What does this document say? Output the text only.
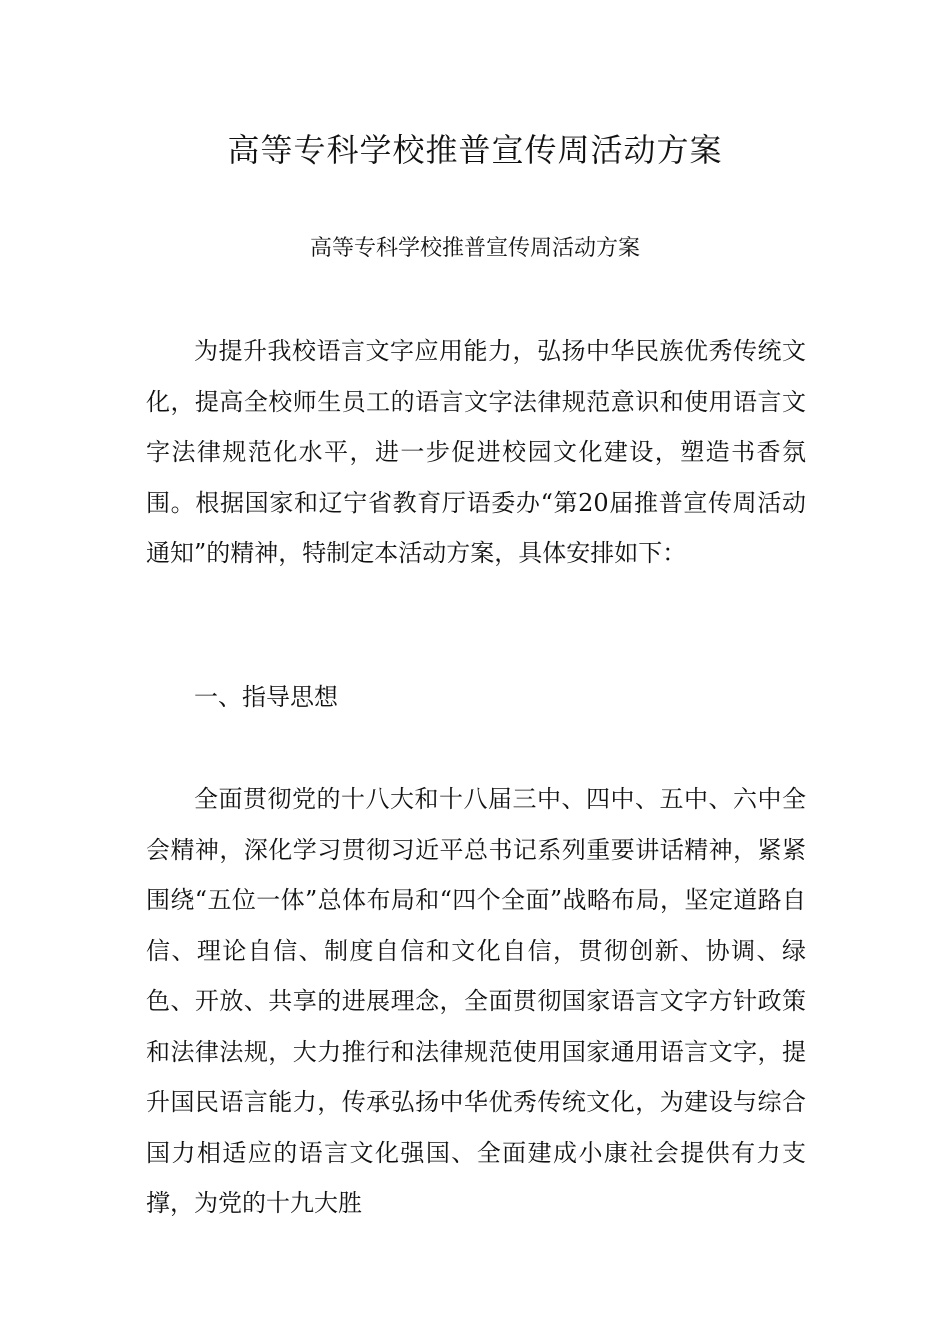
高等专科学校推普宣传周活动方案

高等专科学校推普宣传周活动方案

为提升我校语言文字应用能力，弘扬中华民族优秀传统文化，提高全校师生员工的语言文字法律规范意识和使用语言文字法律规范化水平，进一步促进校园文化建设，塑造书香氛围。根据国家和辽宁省教育厅语委办“第20届推普宣传周活动通知”的精神，特制定本活动方案，具体安排如下：

一、指导思想

全面贯彻党的十八大和十八届三中、四中、五中、六中全会精神，深化学习贯彻习近平总书记系列重要讲话精神，紧紧围绕“五位一体”总体布局和“四个全面”战略布局，坚定道路自信、理论自信、制度自信和文化自信，贯彻创新、协调、绿色、开放、共享的进展理念，全面贯彻国家语言文字方针政策和法律法规，大力推行和法律规范使用国家通用语言文字，提升国民语言能力，传承弘扬中华优秀传统文化，为建设与综合国力相适应的语言文化强国、全面建成小康社会提供有力支撑，为党的十九大胜
